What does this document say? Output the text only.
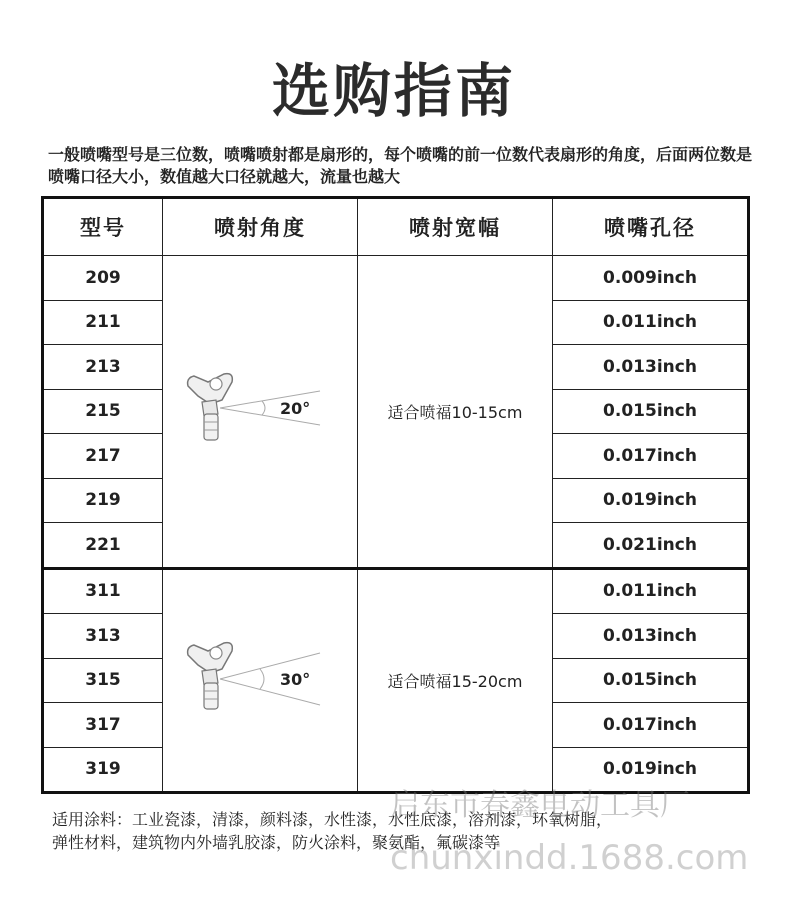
选购指南
一般喷嘴型号是三位数，喷嘴喷射都是扇形的，每个喷嘴的前一位数代表扇形的角度，后面两位数是喷嘴口径大小，数值越大口径就越大，流量也越大
型号	喷射角度	喷射宽幅	喷嘴孔径
209	20°	适合喷福10-15cm	0.009inch
211			0.011inch
213			0.013inch
215			0.015inch
217			0.017inch
219			0.019inch
221			0.021inch
311	30°	适合喷福15-20cm	0.011inch
313			0.013inch
315			0.015inch
317			0.017inch
319			0.019inch
适用涂料：工业瓷漆，清漆，颜料漆，水性漆，水性底漆，溶剂漆，环氧树脂，
弹性材料，建筑物内外墙乳胶漆，防火涂料，聚氨酯，氟碳漆等
启东市春鑫电动工具厂
chunxindd.1688.com
